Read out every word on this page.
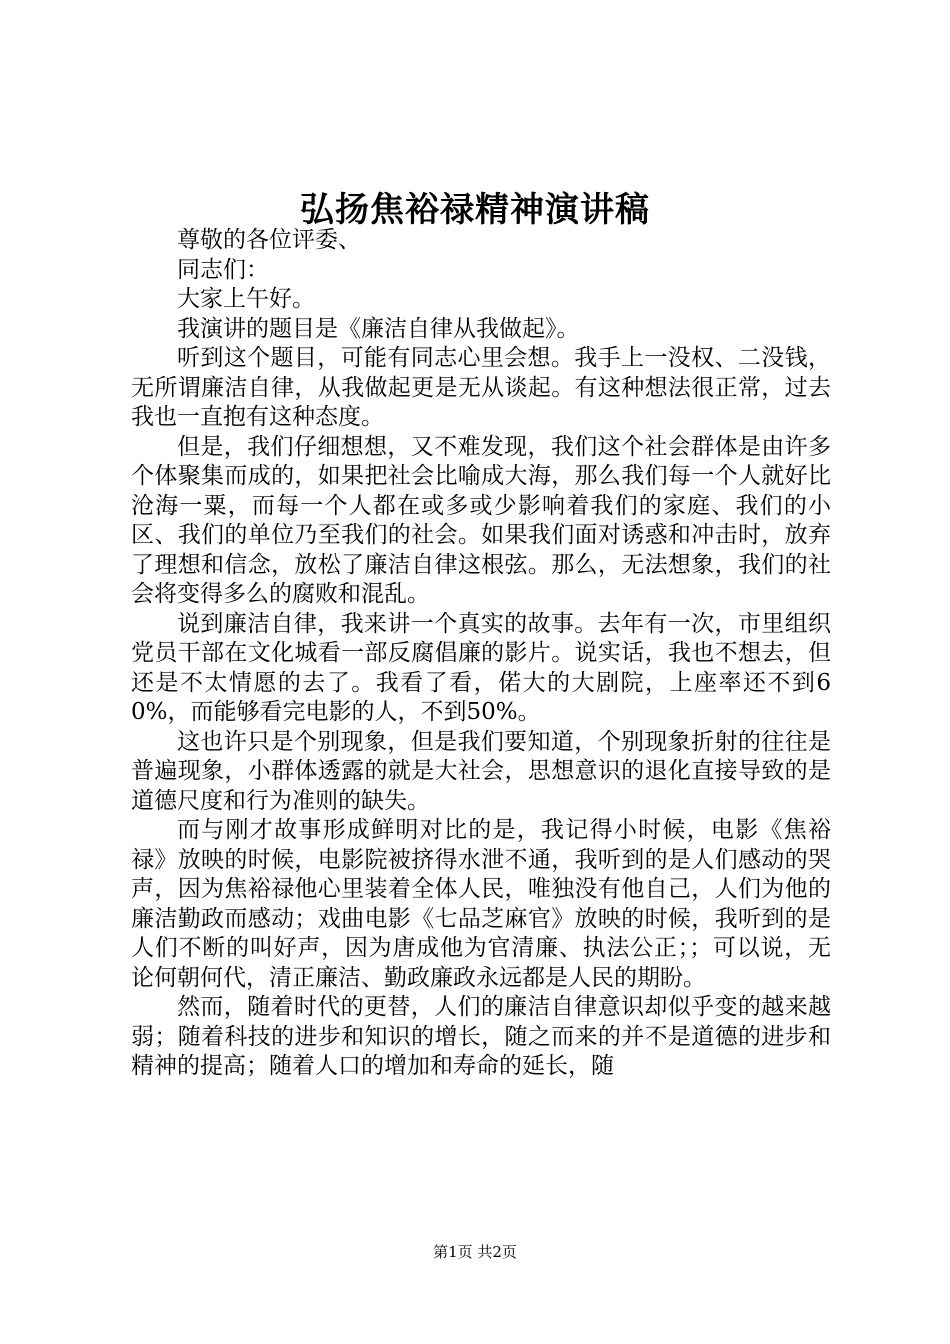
弘扬焦裕禄精神演讲稿

尊敬的各位评委、

同志们：

大家上午好。

我演讲的题目是《廉洁自律从我做起》。

听到这个题目，可能有同志心里会想。我手上一没权、二没钱，无所谓廉洁自律，从我做起更是无从谈起。有这种想法很正常，过去我也一直抱有这种态度。

但是，我们仔细想想，又不难发现，我们这个社会群体是由许多个体聚集而成的，如果把社会比喻成大海，那么我们每一个人就好比沧海一粟，而每一个人都在或多或少影响着我们的家庭、我们的小区、我们的单位乃至我们的社会。如果我们面对诱惑和冲击时，放弃了理想和信念，放松了廉洁自律这根弦。那么，无法想象，我们的社会将变得多么的腐败和混乱。

说到廉洁自律，我来讲一个真实的故事。去年有一次，市里组织党员干部在文化城看一部反腐倡廉的影片。说实话，我也不想去，但还是不太情愿的去了。我看了看，偌大的大剧院，上座率还不到60%，而能够看完电影的人，不到50%。

这也许只是个别现象，但是我们要知道，个别现象折射的往往是普遍现象，小群体透露的就是大社会，思想意识的退化直接导致的是道德尺度和行为准则的缺失。

而与刚才故事形成鲜明对比的是，我记得小时候，电影《焦裕禄》放映的时候，电影院被挤得水泄不通，我听到的是人们感动的哭声，因为焦裕禄他心里装着全体人民，唯独没有他自己，人们为他的廉洁勤政而感动；戏曲电影《七品芝麻官》放映的时候，我听到的是人们不断的叫好声，因为唐成他为官清廉、执法公正；；可以说，无论何朝何代，清正廉洁、勤政廉政永远都是人民的期盼。

然而，随着时代的更替，人们的廉洁自律意识却似乎变的越来越弱；随着科技的进步和知识的增长，随之而来的并不是道德的进步和精神的提高；随着人口的增加和寿命的延长，随

第1页 共2页
